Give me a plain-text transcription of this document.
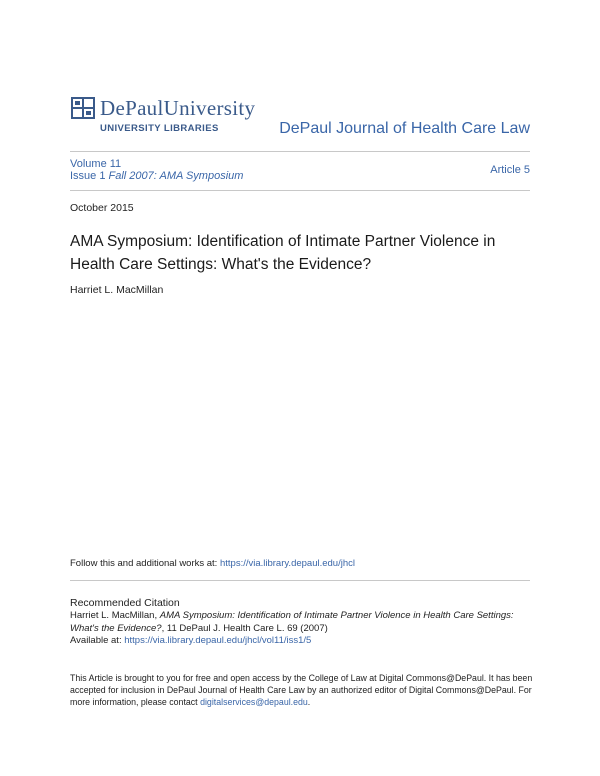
DePaulUniversity
UNIVERSITY LIBRARIES	DePaul Journal of Health Care Law
Volume 11
Issue 1 Fall 2007: AMA Symposium	Article 5
October 2015
AMA Symposium: Identification of Intimate Partner Violence in Health Care Settings: What's the Evidence?
Harriet L. MacMillan
Follow this and additional works at: https://via.library.depaul.edu/jhcl
Recommended Citation
Harriet L. MacMillan, AMA Symposium: Identification of Intimate Partner Violence in Health Care Settings: What's the Evidence?, 11 DePaul J. Health Care L. 69 (2007)
Available at: https://via.library.depaul.edu/jhcl/vol11/iss1/5
This Article is brought to you for free and open access by the College of Law at Digital Commons@DePaul. It has been accepted for inclusion in DePaul Journal of Health Care Law by an authorized editor of Digital Commons@DePaul. For more information, please contact digitalservices@depaul.edu.
